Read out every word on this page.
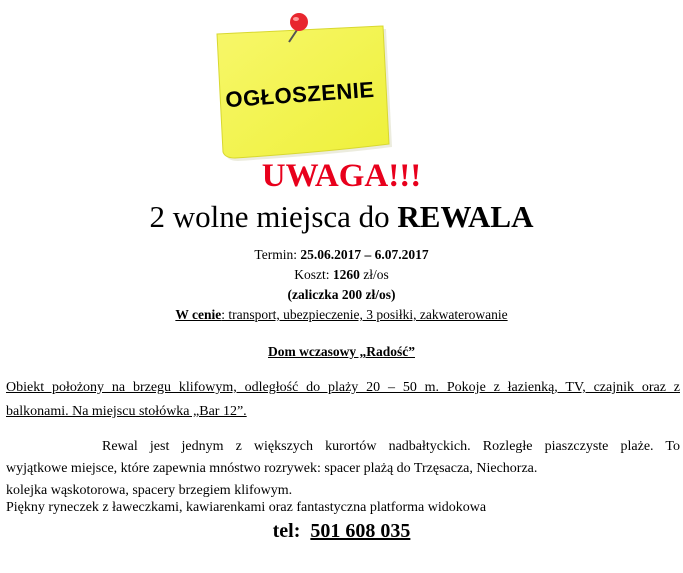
OGŁOSZENIE
UWAGA!!!
2 wolne miejsca do REWALA
Termin: 25.06.2017 – 6.07.2017
Koszt: 1260 zł/os
(zaliczka 200 zł/os)
W cenie: transport, ubezpieczenie, 3 posiłki, zakwaterowanie
Dom wczasowy „Radość”
Obiekt położony na brzegu klifowym, odległość do plaży 20 – 50 m. Pokoje z łazienką, TV, czajnik oraz z
balkonami. Na miejscu stołówka „Bar 12”.
Rewal jest jednym z większych kurortów nadbałtyckich. Rozległe piaszczyste plaże. To
wyjątkowe miejsce, które zapewnia mnóstwo rozrywek: spacer plażą do Trzęsacza, Niechorza.
kolejka wąskotorowa, spacery brzegiem klifowym.
Piękny ryneczek z ławeczkami, kawiarenkami oraz fantastyczna platforma widokowa
tel: 501 608 035
